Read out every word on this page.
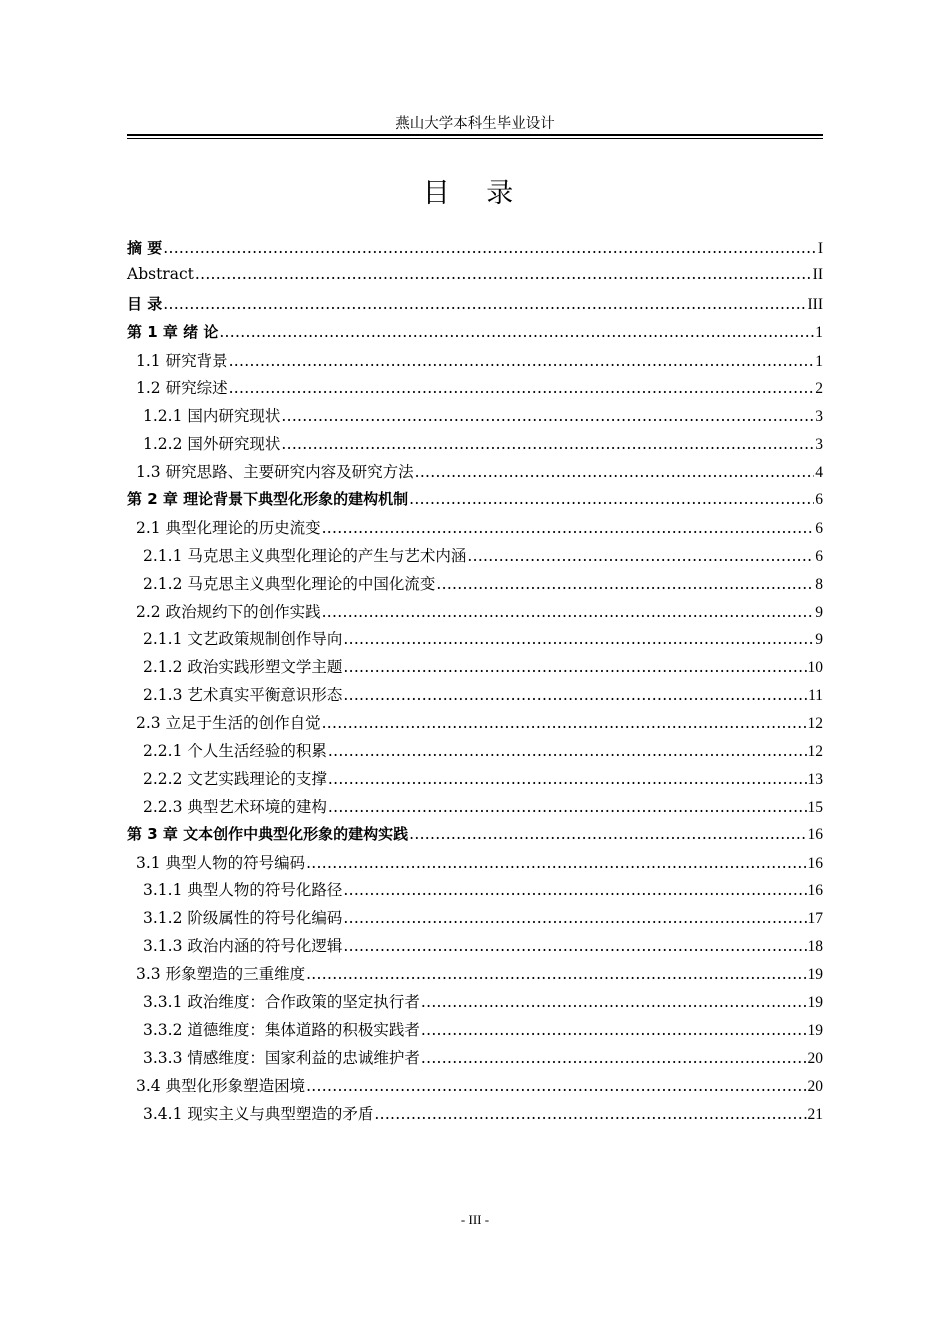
燕山大学本科生毕业设计
目 录
摘 要 .....	I
Abstract .....	II
目 录 .....	III
第 1 章 绪 论 .....	1
1.1 研究背景 .....	1
1.2 研究综述 .....	2
1.2.1 国内研究现状 .....	3
1.2.2 国外研究现状 .....	3
1.3 研究思路、主要研究内容及研究方法 .....	4
第 2 章 理论背景下典型化形象的建构机制 .....	6
2.1 典型化理论的历史流变 .....	6
2.1.1 马克思主义典型化理论的产生与艺术内涵 .....	6
2.1.2 马克思主义典型化理论的中国化流变 .....	8
2.2 政治规约下的创作实践 .....	9
2.1.1 文艺政策规制创作导向 .....	9
2.1.2 政治实践形塑文学主题 .....	10
2.1.3 艺术真实平衡意识形态 .....	11
2.3 立足于生活的创作自觉 .....	12
2.2.1 个人生活经验的积累 .....	12
2.2.2 文艺实践理论的支撑 .....	13
2.2.3 典型艺术环境的建构 .....	15
第 3 章 文本创作中典型化形象的建构实践 .....	16
3.1 典型人物的符号编码 .....	16
3.1.1 典型人物的符号化路径 .....	16
3.1.2 阶级属性的符号化编码 .....	17
3.1.3 政治内涵的符号化逻辑 .....	18
3.3 形象塑造的三重维度 .....	19
3.3.1 政治维度：合作政策的坚定执行者 .....	19
3.3.2 道德维度：集体道路的积极实践者 .....	19
3.3.3 情感维度：国家利益的忠诚维护者 .....	20
3.4 典型化形象塑造困境 .....	20
3.4.1 现实主义与典型塑造的矛盾 .....	21
- III -
